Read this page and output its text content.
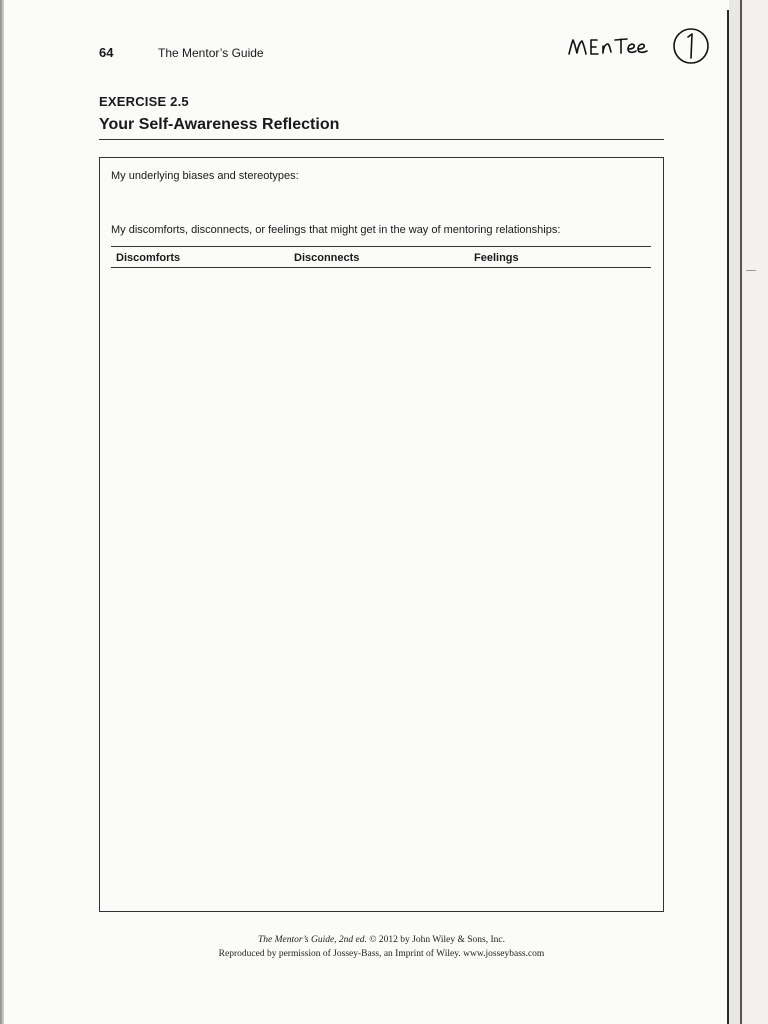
64	The Mentor’s Guide
EXERCISE 2.5
Your Self-Awareness Reflection
My underlying biases and stereotypes:
My discomforts, disconnects, or feelings that might get in the way of mentoring relationships:
Discomforts	Disconnects	Feelings
The Mentor’s Guide, 2nd ed. © 2012 by John Wiley & Sons, Inc.
Reproduced by permission of Jossey-Bass, an Imprint of Wiley. www.josseybass.com
